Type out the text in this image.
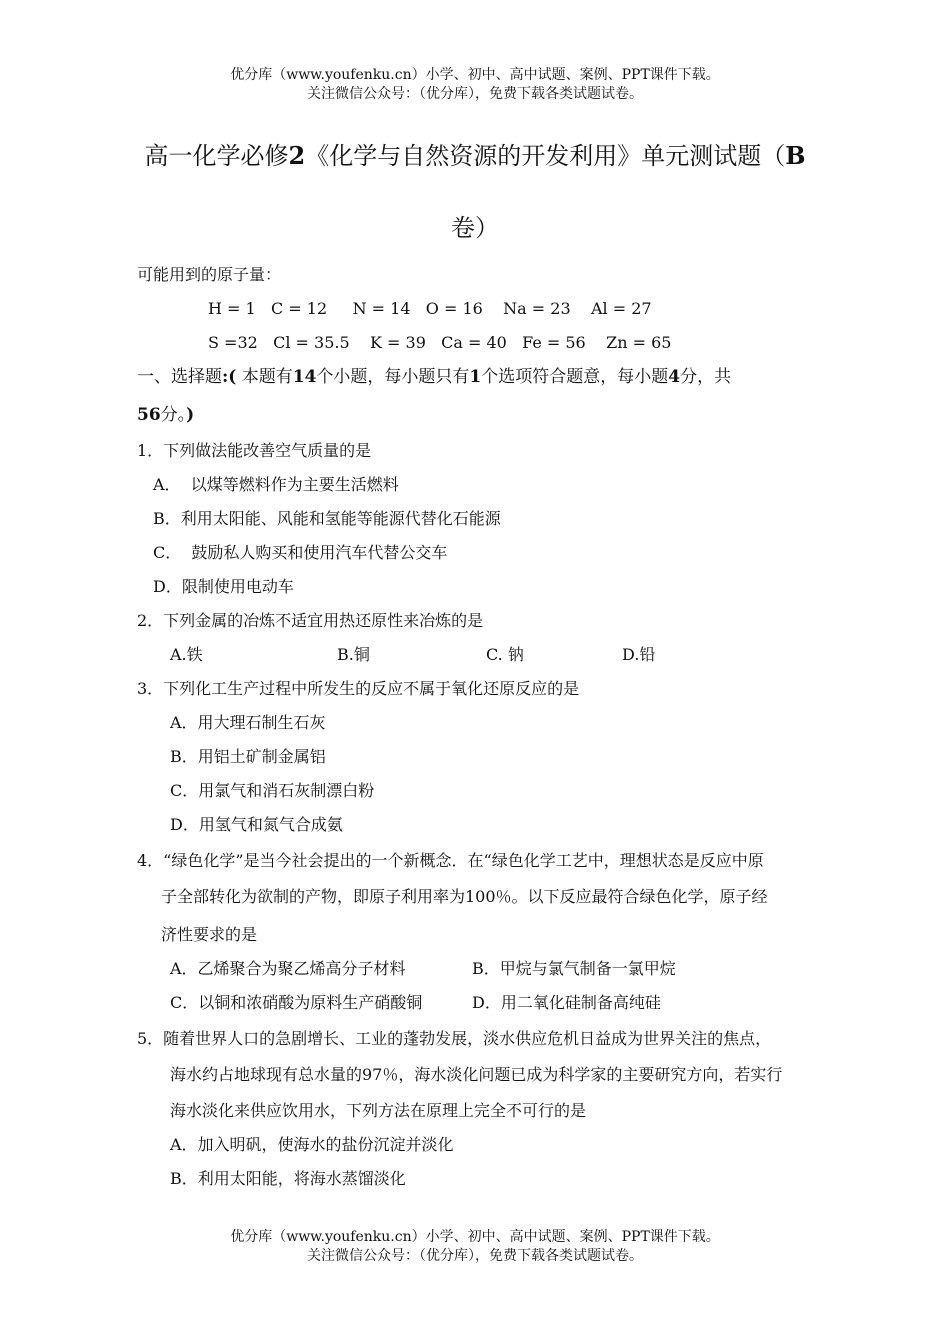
优分库（www.youfenku.cn）小学、初中、高中试题、案例、PPT课件下载。
关注微信公众号：（优分库），免费下载各类试题试卷。
高一化学必修2《化学与自然资源的开发利用》单元测试题（B
卷）
可能用到的原子量：
H = 1   C = 12     N = 14   O = 16    Na = 23    Al = 27
S =32   Cl = 35.5    K = 39   Ca = 40   Fe = 56    Zn = 65
一、选择题:( 本题有14个小题，每小题只有1个选项符合题意，每小题4分，共
56分。)
1．下列做法能改善空气质量的是
A．  以煤等燃料作为主要生活燃料
B．利用太阳能、风能和氢能等能源代替化石能源
C．  鼓励私人购买和使用汽车代替公交车
D．限制使用电动车
2．下列金属的冶炼不适宜用热还原性来冶炼的是
A.铁	B.铜	C. 钠	D.铅
3．下列化工生产过程中所发生的反应不属于氧化还原反应的是
A．用大理石制生石灰
B．用铝土矿制金属铝
C．用氯气和消石灰制漂白粉
D．用氢气和氮气合成氨
4．“绿色化学”是当今社会提出的一个新概念．在“绿色化学工艺中，理想状态是反应中原
子全部转化为欲制的产物，即原子利用率为100％。以下反应最符合绿色化学，原子经
济性要求的是
A．乙烯聚合为聚乙烯高分子材料	B．甲烷与氯气制备一氯甲烷
C．以铜和浓硝酸为原料生产硝酸铜	D．用二氧化硅制备高纯硅
5．随着世界人口的急剧增长、工业的蓬勃发展，淡水供应危机日益成为世界关注的焦点，
海水约占地球现有总水量的97％，海水淡化问题已成为科学家的主要研究方向，若实行
海水淡化来供应饮用水，下列方法在原理上完全不可行的是
A．加入明矾，使海水的盐份沉淀并淡化
B．利用太阳能，将海水蒸馏淡化
优分库（www.youfenku.cn）小学、初中、高中试题、案例、PPT课件下载。
关注微信公众号：（优分库），免费下载各类试题试卷。
